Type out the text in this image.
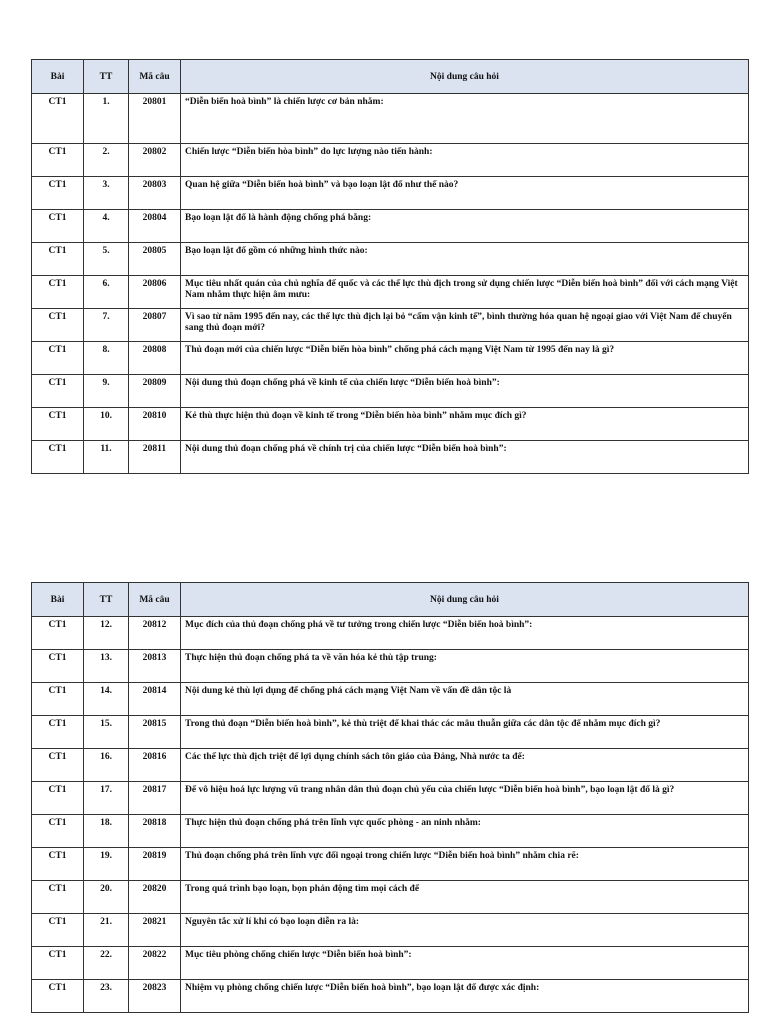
Bài	TT	Mã câu	Nội dung câu hỏi
CT1	1.	20801	“Diễn biến hoà bình” là chiến lược cơ bản nhằm:
CT1	2.	20802	Chiến lược “Diễn biến hòa bình” do lực lượng nào tiến hành:
CT1	3.	20803	Quan hệ giữa “Diễn biến hoà bình” và bạo loạn lật đổ như thế nào?
CT1	4.	20804	Bạo loạn lật đổ là hành động chống phá bằng:
CT1	5.	20805	Bạo loạn lật đổ gồm có những hình thức nào:
CT1	6.	20806	Mục tiêu nhất quán của chủ nghĩa đế quốc và các thế lực thù địch trong sử dụng chiến lược “Diễn biến hoà bình” đối với cách mạng Việt Nam nhằm thực hiện âm mưu:
CT1	7.	20807	Vì sao từ năm 1995 đến nay, các thế lực thù địch lại bỏ “cấm vận kinh tế”, bình thường hóa quan hệ ngoại giao với Việt Nam để chuyển sang thủ đoạn mới?
CT1	8.	20808	Thủ đoạn mới của chiến lược “Diễn biến hòa bình” chống phá cách mạng Việt Nam từ 1995 đến nay là gì?
CT1	9.	20809	Nội dung thủ đoạn chống phá về kinh tế của chiến lược “Diễn biến hoà bình”:
CT1	10.	20810	Kẻ thù thực hiện thủ đoạn về kinh tế trong “Diễn biến hòa bình” nhằm mục đích gì?
CT1	11.	20811	Nội dung thủ đoạn chống phá về chính trị của chiến lược “Diễn biến hoà bình”:
Bài	TT	Mã câu	Nội dung câu hỏi
CT1	12.	20812	Mục đích của thủ đoạn chống phá về tư tưởng trong chiến lược “Diễn biến hoà bình”:
CT1	13.	20813	Thực hiện thủ đoạn chống phá ta về văn hóa kẻ thù tập trung:
CT1	14.	20814	Nội dung kẻ thù lợi dụng để chống phá cách mạng Việt Nam về vấn đề dân tộc là
CT1	15.	20815	Trong thủ đoạn “Diễn biến hoà bình”, kẻ thù triệt để khai thác các mâu thuẫn giữa các dân tộc để nhằm mục đích gì?
CT1	16.	20816	Các thế lực thù địch triệt để lợi dụng chính sách tôn giáo của Đảng, Nhà nước ta để:
CT1	17.	20817	Để vô hiệu hoá lực lượng vũ trang nhân dân thủ đoạn chủ yếu của chiến lược “Diễn biến hoà bình”, bạo loạn lật đổ là gì?
CT1	18.	20818	Thực hiện thủ đoạn chống phá trên lĩnh vực quốc phòng - an ninh nhằm:
CT1	19.	20819	Thủ đoạn chống phá trên lĩnh vực đối ngoại trong chiến lược “Diễn biến hoà bình” nhằm chia rẽ:
CT1	20.	20820	Trong quá trình bạo loạn, bọn phản động tìm mọi cách để
CT1	21.	20821	Nguyên tắc xử lí khi có bạo loạn diễn ra là:
CT1	22.	20822	Mục tiêu phòng chống chiến lược “Diễn biến hoà bình”:
CT1	23.	20823	Nhiệm vụ phòng chống chiến lược “Diễn biến hoà bình”, bạo loạn lật đổ được xác định:
